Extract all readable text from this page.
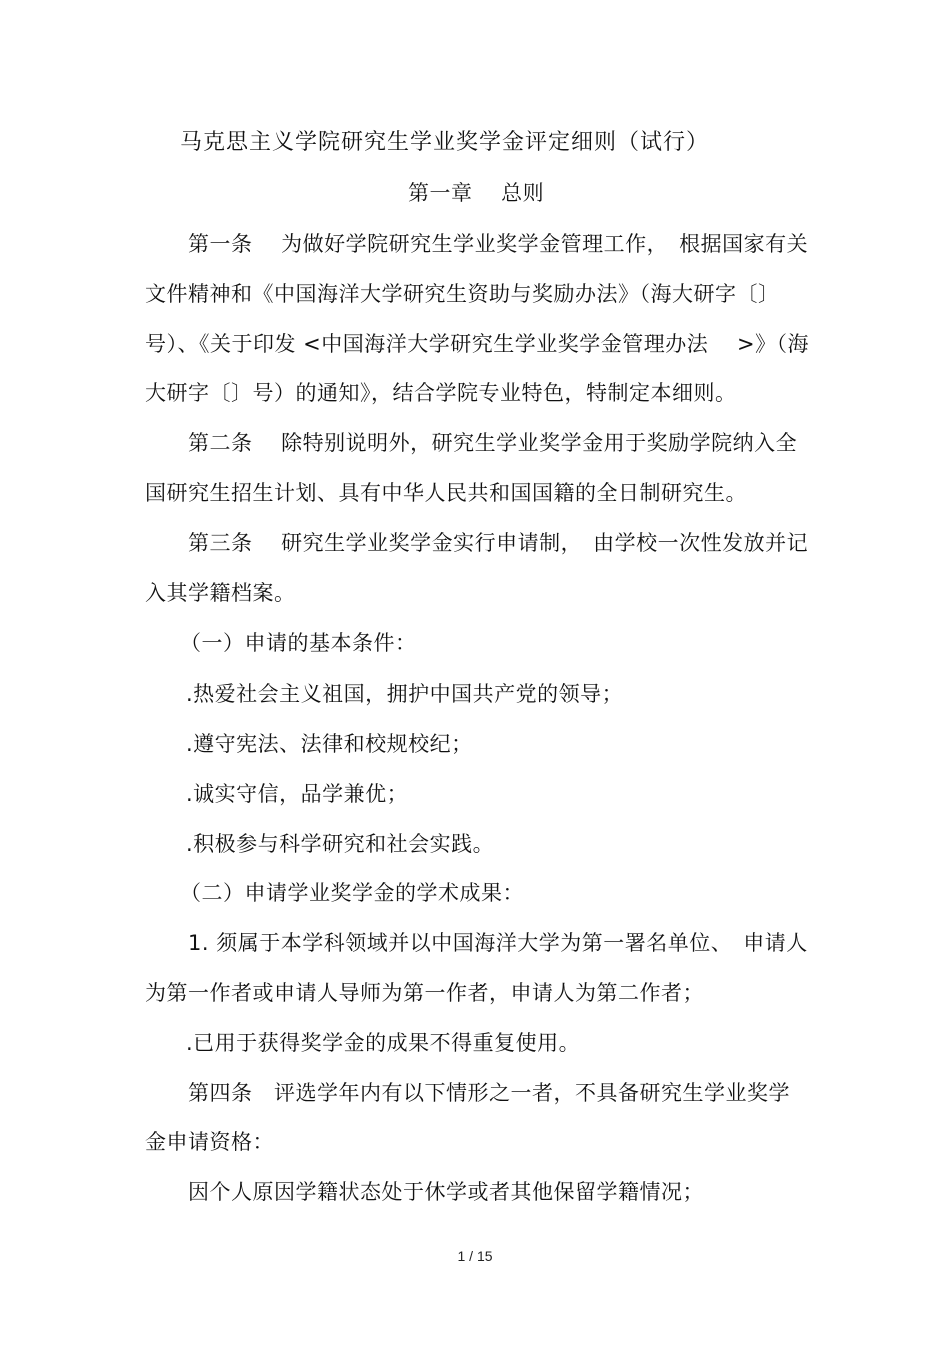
马克思主义学院研究生学业奖学金评定细则（试行）
第一章　 总则
第一条　 为做好学院研究生学业奖学金管理工作，　根据国家有关
文件精神和《中国海洋大学研究生资助与奖励办法》（海大研字〔〕
号）、《关于印发 <中国海洋大学研究生学业奖学金管理办法　 >》（海
大研字〔〕号）的通知》，结合学院专业特色，特制定本细则。
第二条　 除特别说明外，研究生学业奖学金用于奖励学院纳入全
国研究生招生计划、具有中华人民共和国国籍的全日制研究生。
第三条　 研究生学业奖学金实行申请制，　由学校一次性发放并记
入其学籍档案。
（一）申请的基本条件：
.热爱社会主义祖国，拥护中国共产党的领导；
.遵守宪法、法律和校规校纪；
.诚实守信，品学兼优；
.积极参与科学研究和社会实践。
（二）申请学业奖学金的学术成果：
1. 须属于本学科领域并以中国海洋大学为第一署名单位、　申请人
为第一作者或申请人导师为第一作者，申请人为第二作者；
.已用于获得奖学金的成果不得重复使用。
第四条　评选学年内有以下情形之一者，不具备研究生学业奖学
金申请资格：
因个人原因学籍状态处于休学或者其他保留学籍情况；
1 / 15
